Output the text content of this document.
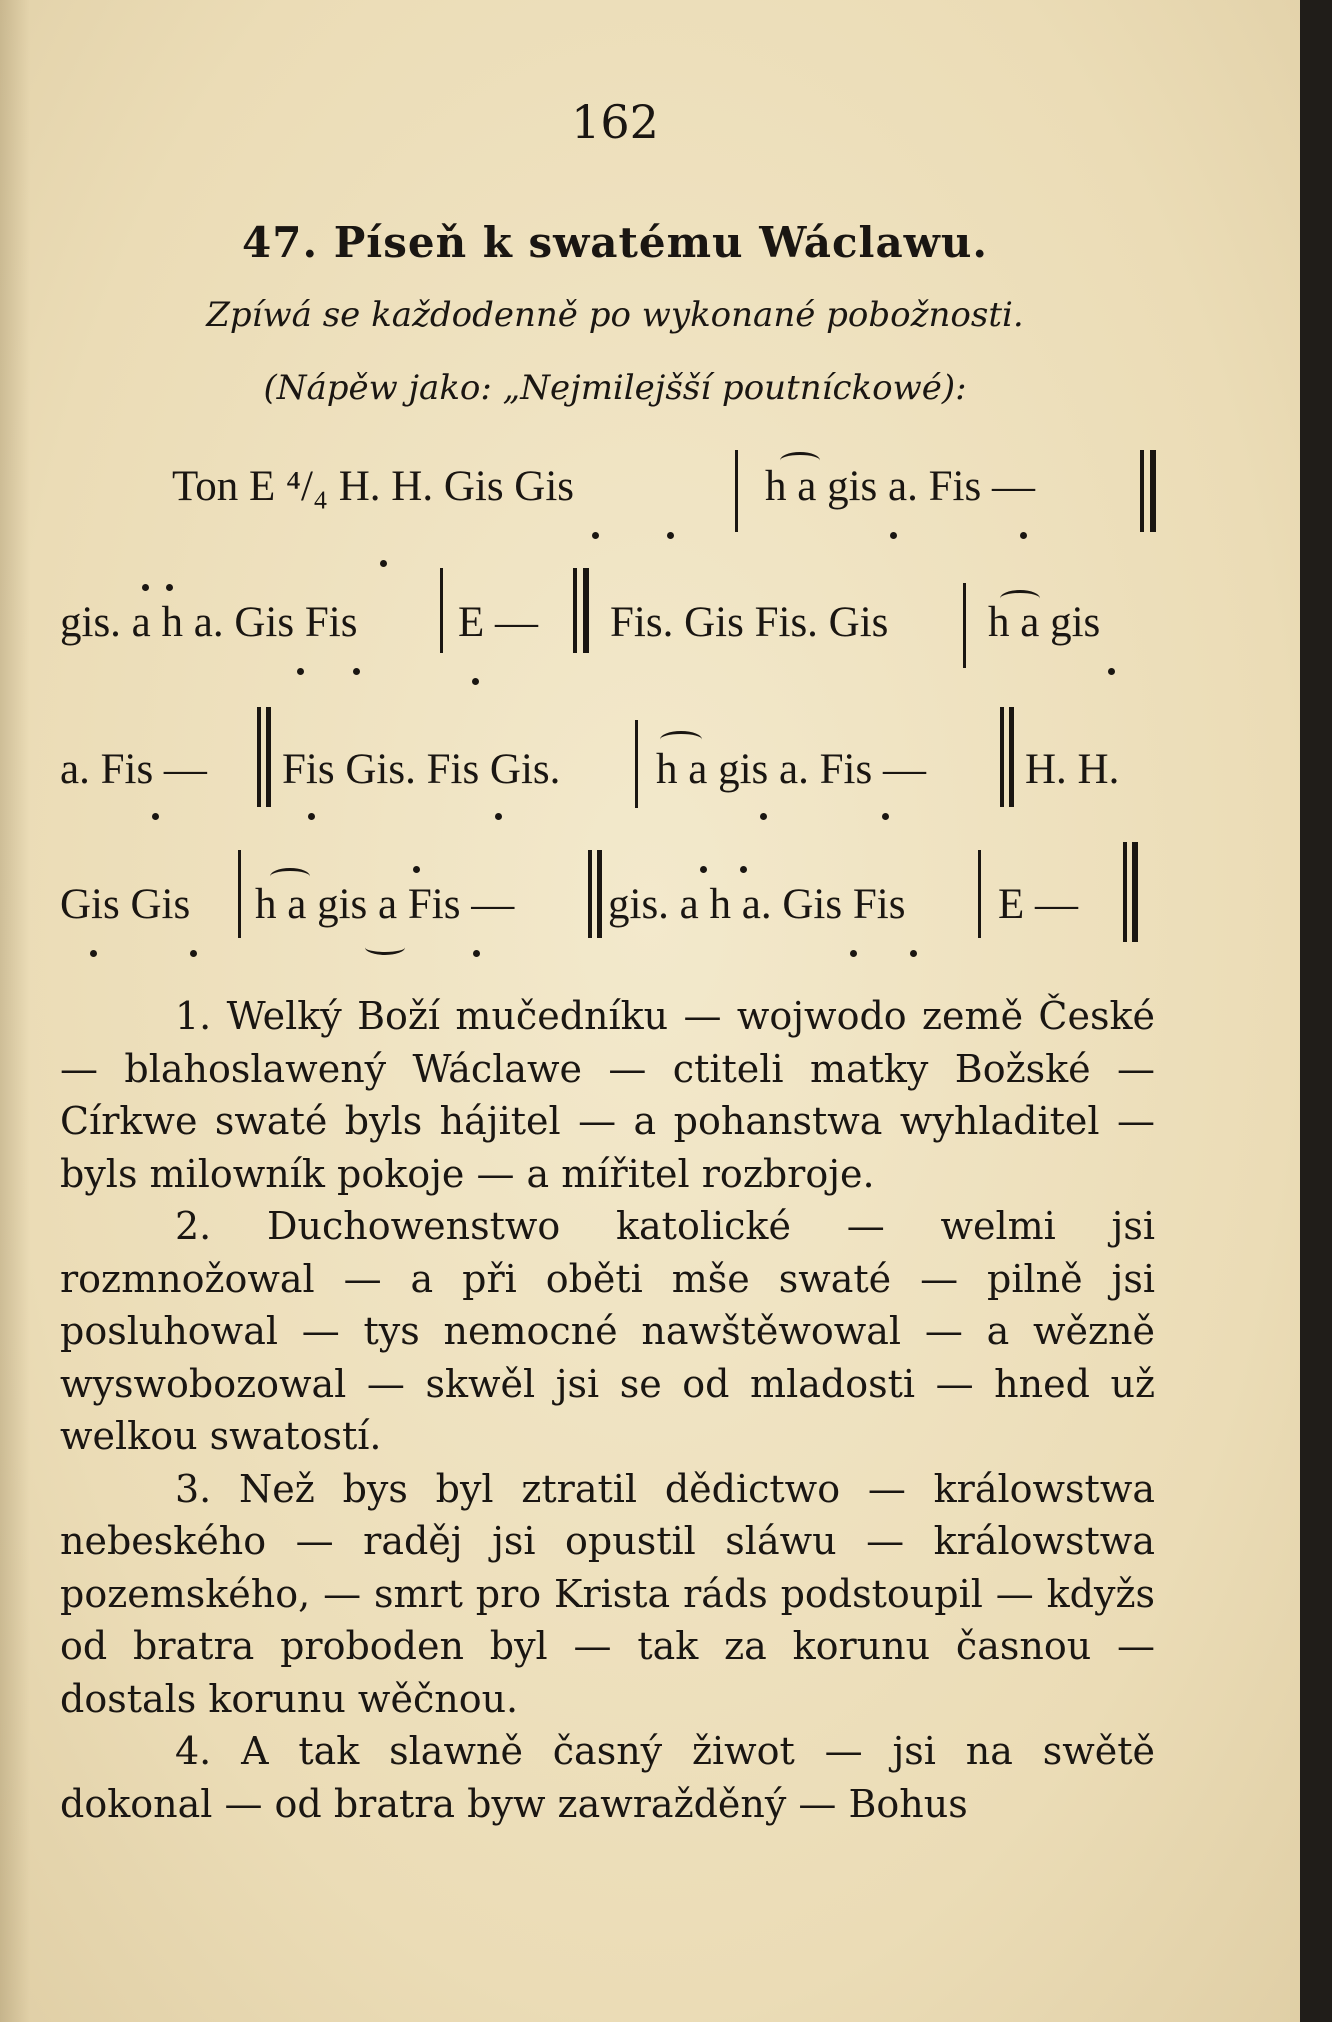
162
47. Píseň k swatému Wáclawu.
Zpíwá se každodenně po wykonané pobožnosti.
(Nápěw jako: „Nejmilejšší poutníckowé):
Ton E ⁴/₄ H. H. Gis Gis	h a gis a. Fis —
gis. a h a. Gis Fis E — Fis. Gis Fis. Gis h a gis
a. Fis — Fis Gis. Fis Gis. h a gis a. Fis — H. H.
Gis Gis h a gis a Fis — gis. a h a. Gis Fis E —

1. Welký Boží mučedníku — wojwodo země České — blahoslawený Wáclawe — ctiteli matky Božské — Církwe swaté byls hájitel — a pohanstwa wyhladitel — byls milowník pokoje — a mířitel rozbroje.

2. Duchowenstwo katolické — welmi jsi rozmnožowal — a při oběti mše swaté — pilně jsi posluhowal — tys nemocné nawštěwowal — a wězně wyswobozowal — skwěl jsi se od mladosti — hned už welkou swatostí.

3. Než bys byl ztratil dědictwo — králowstwa nebeského — raděj jsi opustil sláwu — králowstwa pozemského, — smrt pro Krista ráds podstoupil — kdyžs od bratra proboden byl — tak za korunu časnou — dostals korunu wěčnou.

4. A tak slawně časný žiwot — jsi na swětě dokonal — od bratra byw zawražděný — Bohus
